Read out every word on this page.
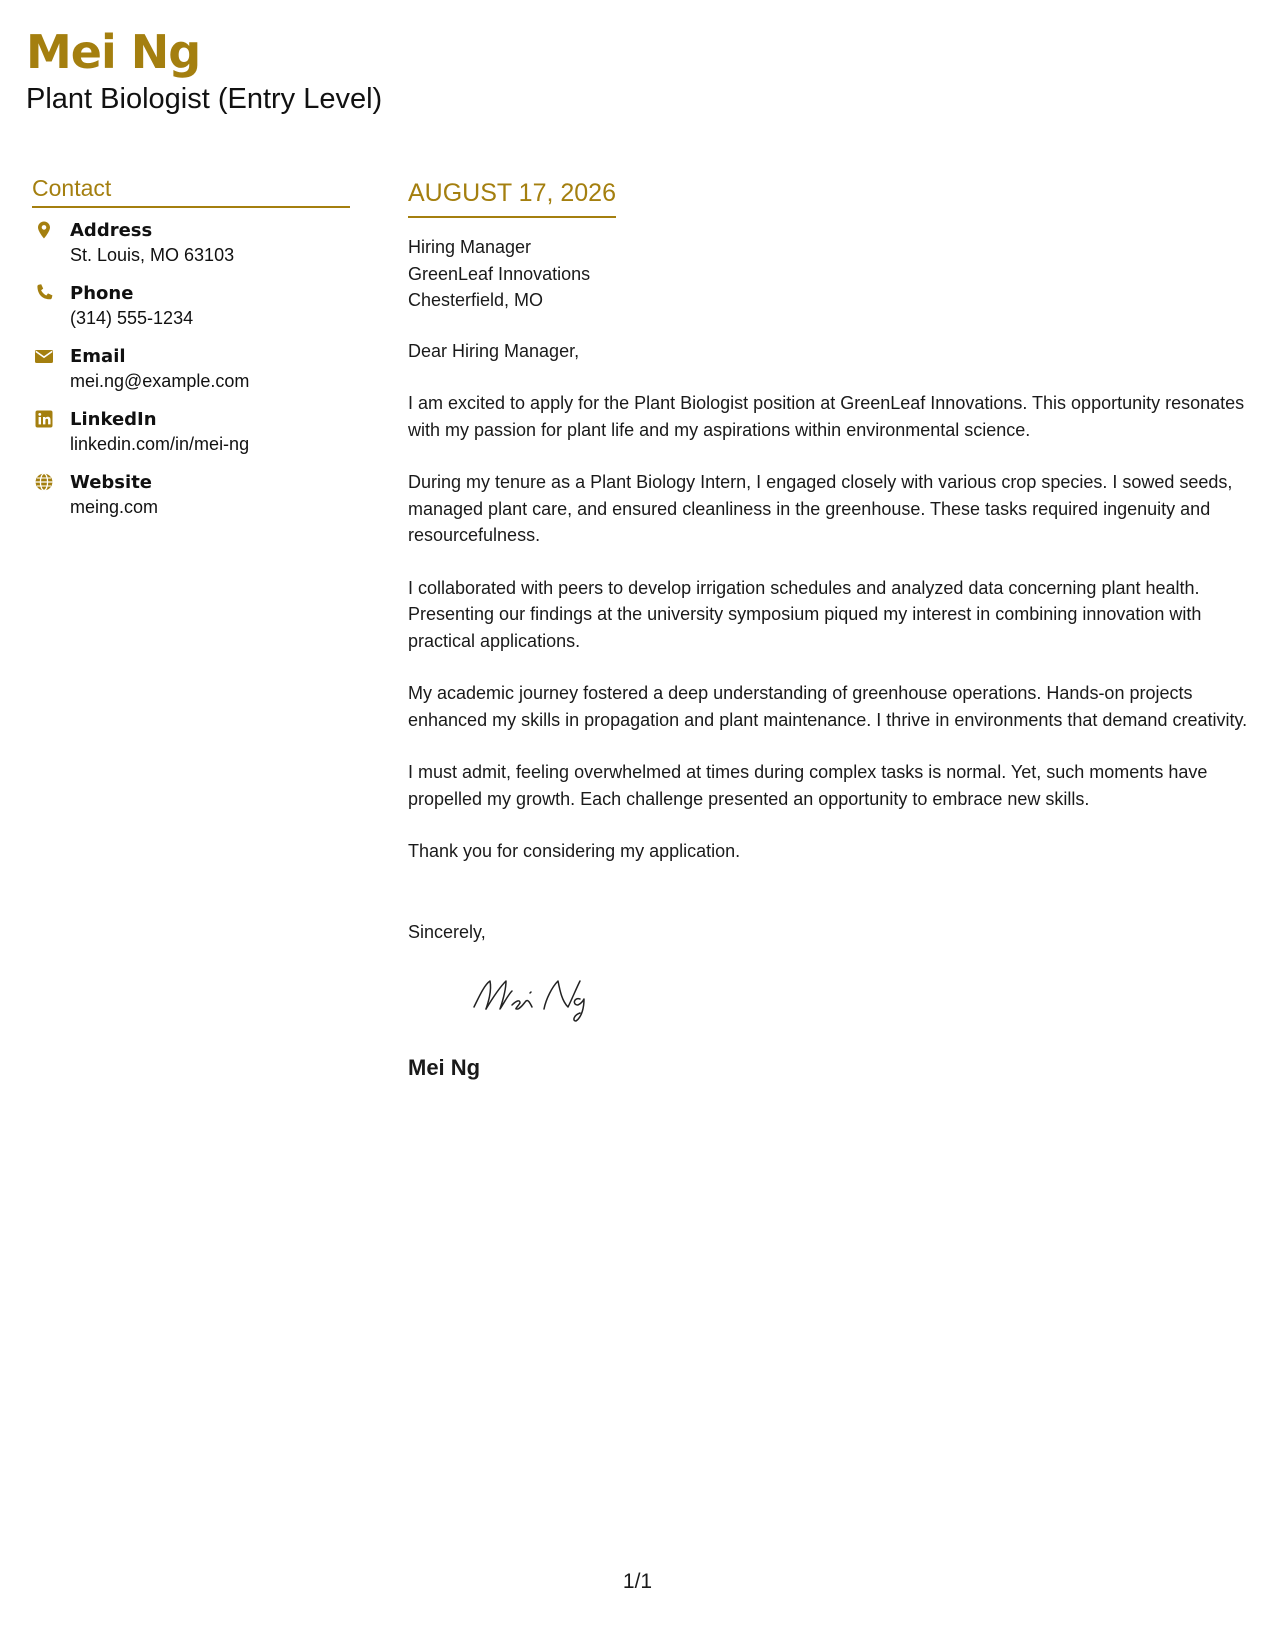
Mei Ng
Plant Biologist (Entry Level)
Contact
Address
St. Louis, MO 63103
Phone
(314) 555-1234
Email
mei.ng@example.com
LinkedIn
linkedin.com/in/mei-ng
Website
meing.com
AUGUST 17, 2026
Hiring Manager
GreenLeaf Innovations
Chesterfield, MO

Dear Hiring Manager,

I am excited to apply for the Plant Biologist position at GreenLeaf Innovations. This opportunity resonates with my passion for plant life and my aspirations within environmental science.

During my tenure as a Plant Biology Intern, I engaged closely with various crop species. I sowed seeds, managed plant care, and ensured cleanliness in the greenhouse. These tasks required ingenuity and resourcefulness.

I collaborated with peers to develop irrigation schedules and analyzed data concerning plant health. Presenting our findings at the university symposium piqued my interest in combining innovation with practical applications.

My academic journey fostered a deep understanding of greenhouse operations. Hands-on projects enhanced my skills in propagation and plant maintenance. I thrive in environments that demand creativity.

I must admit, feeling overwhelmed at times during complex tasks is normal. Yet, such moments have propelled my growth. Each challenge presented an opportunity to embrace new skills.

Thank you for considering my application.

Sincerely,
Mei Ng
1/1
